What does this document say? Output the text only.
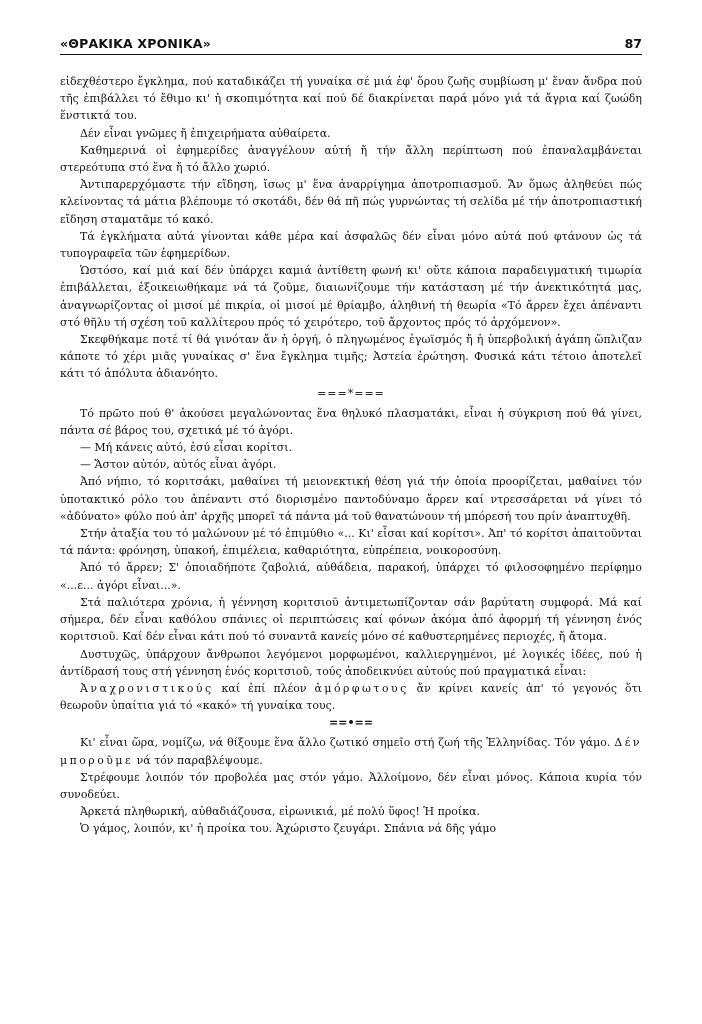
«ΘΡΑΚΙΚΑ ΧΡΟΝΙΚΑ»	87

εἰδεχθέστερο ἔγκλημα, πού καταδικάζει τή γυναίκα σέ μιά ἐφ' ὅρου ζωῆς συμβίωση μ' ἕναν ἄνδρα πού τῆς ἐπιβάλλει τό ἔθιμο κι' ἡ σκοπιμότητα καί πού δέ διακρίνεται παρά μόνο γιά τά ἄγρια καί ζωώδη ἕνστικτά του.

Δέν εἶναι γνῶμες ἤ ἐπιχειρήματα αὐθαίρετα.

Καθημερινά οἱ ἐφημερίδες ἀναγγέλουν αὐτή ἤ τήν ἄλλη περίπτωση πού ἐπαναλαμβάνεται στερεότυπα στό ἕνα ἤ τό ἄλλο χωριό.

Ἀντιπαρερχόμαστε τήν εἴδηση, ἴσως μ' ἕνα ἀναρρίγημα ἀποτροπιασμοῦ. Ἄν ὅμως ἀληθεύει πώς κλείνοντας τά μάτια βλέπουμε τό σκοτάδι, δέν θά πῆ πώς γυρνώντας τή σελίδα μέ τήν ἀποτροπιαστική εἴδηση σταματᾶμε τό κακό.

Τά ἐγκλήματα αὐτά γίνονται κάθε μέρα καί ἀσφαλῶς δέν εἶναι μόνο αὐτά πού φτάνουν ὡς τά τυπογραφεῖα τῶν ἐφημερίδων.

Ὡστόσο, καί μιά καί δέν ὑπάρχει καμιά ἀντίθετη φωνή κι' οὔτε κάποια παραδειγματική τιμωρία ἐπιβάλλεται, ἐξοικειωθήκαμε νά τά ζοῦμε, διαιωνίζουμε τήν κατάσταση μέ τήν ἀνεκτικότητά μας, ἀναγνωρίζοντας οἱ μισοί μέ πικρία, οἱ μισοί μέ θρίαμβο, ἀληθινή τή θεωρία «Τό ἄρρεν ἔχει ἀπέναντι στό θῆλυ τή σχέση τοῦ καλλίτερου πρός τό χειρότερο, τοῦ ἄρχοντος πρός τό ἀρχόμενον».

Σκεφθήκαμε ποτέ τί θά γινόταν ἄν ἡ ὀργή, ὁ πληγωμένος ἐγωϊσμός ἤ ἡ ὑπερβολική ἀγάπη ὥπλιζαν κάποτε τό χέρι μιᾶς γυναίκας σ' ἕνα ἔγκλημα τιμῆς; Ἀστεία ἐρώτηση. Φυσικά κάτι τέτοιο ἀποτελεῖ κάτι τό ἀπόλυτα ἀδιανόητο.

===*===

Τό πρῶτο πού θ' ἀκούσει μεγαλώνοντας ἕνα θηλυκό πλασματάκι, εἶναι ἡ σύγκριση πού θά γίνει, πάντα σέ βάρος του, σχετικά μέ τό ἀγόρι.

— Μή κάνεις αὐτό, ἐσύ εἶσαι κορίτσι.

— Ἄστον αὐτόν, αὐτός εἶναι ἀγόρι.

Ἀπό νήπιο, τό κοριτσάκι, μαθαίνει τή μειονεκτική θέση γιά τήν ὁποία προορίζεται, μαθαίνει τόν ὑποτακτικό ρόλο του ἀπέναντι στό διορισμένο παντοδύναμο ἄρρεν καί ντρεσσάρεται νά γίνει τό «ἀδύνατο» φύλο πού ἀπ' ἀρχῆς μπορεῖ τά πάντα μά τοῦ θανατώνουν τή μπόρεσή του πρίν ἀναπτυχθῆ.

Στήν ἀταξία του τό μαλώνουν μέ τό ἐπιμύθιο «... Κι' εἶσαι καί κορίτσι». Ἀπ' τό κορίτσι ἀπαιτοῦνται τά πάντα: φρόνηση, ὑπακοή, ἐπιμέλεια, καθαριότητα, εὐπρέπεια, νοικοροσύνη.

Ἀπό τό ἄρρεν; Σ' ὁποιαδήποτε ζαβολιά, αὐθάδεια, παρακοή, ὑπάρχει τό φιλοσοφημένο περίφημο «...ε... ἀγόρι εἶναι...».

Στά παλιότερα χρόνια, ἡ γέννηση κοριτσιοῦ ἀντιμετωπίζονταν σάν βαρύτατη συμφορά. Μά καί σήμερα, δέν εἶναι καθόλου σπάνιες οἱ περιπτώσεις καί φόνων ἀκόμα ἀπό ἀφορμή τή γέννηση ἑνός κοριτσιοῦ. Καί δέν εἶναι κάτι πού τό συναντᾶ κανείς μόνο σέ καθυστερημένες περιοχές, ἤ ἄτομα.

Δυστυχῶς, ὑπάρχουν ἄνθρωποι λεγόμενοι μορφωμένοι, καλλιεργημένοι, μέ λογικές ἰδέες, πού ἡ ἀντίδρασή τους στή γέννηση ἑνός κοριτσιοῦ, τούς ἀποδεικνύει αὐτούς πού πραγματικά εἶναι:

Ἀναχρονιστικούς καί ἐπί πλέον ἀμόρφωτους ἄν κρίνει κανείς ἀπ' τό γεγονός ὅτι θεωροῦν ὑπαίτια γιά τό «κακό» τή γυναίκα τους.

==•==

Κι' εἶναι ὥρα, νομίζω, νά θίξουμε ἕνα ἄλλο ζωτικό σημεῖο στή ζωή τῆς Ἑλληνίδας. Τόν γάμο. Δέν μποροῦμε νά τόν παραβλέψουμε.

Στρέφουμε λοιπόν τόν προβολέα μας στόν γάμο. Ἀλλοίμονο, δέν εἶναι μόνος. Κάποια κυρία τόν συνοδεύει.

Ἀρκετά πληθωρική, αὐθαδιάζουσα, εἰρωνικιά, μέ πολύ ὕφος! Ἡ προίκα.

Ὁ γάμος, λοιπόν, κι' ἡ προίκα του. Ἀχώριστο ζευγάρι. Σπάνια νά δῆς γάμο
